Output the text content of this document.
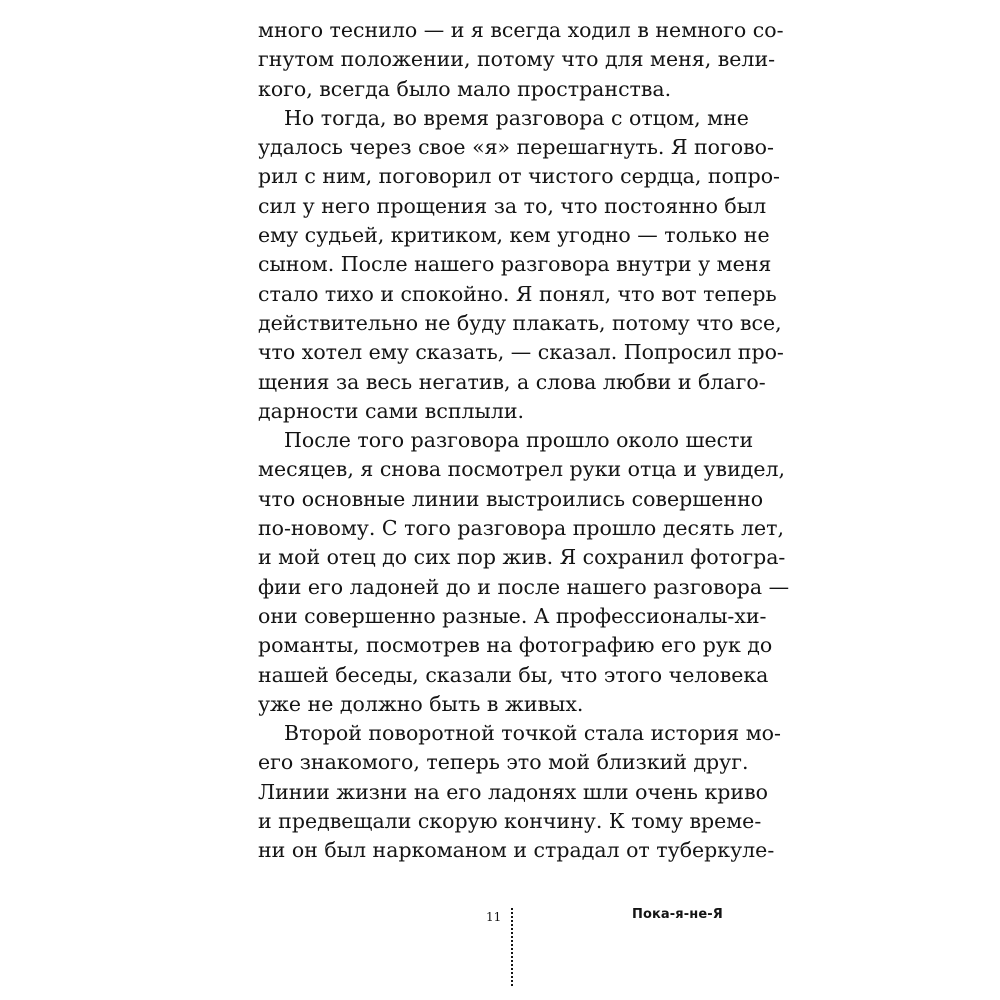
много теснило — и я всегда ходил в немного со-
гнутом положении, потому что для меня, вели-
кого, всегда было мало пространства.
Но тогда, во время разговора с отцом, мне
удалось через свое «я» перешагнуть. Я погово-
рил с ним, поговорил от чистого сердца, попро-
сил у него прощения за то, что постоянно был
ему судьей, критиком, кем угодно — только не
сыном. После нашего разговора внутри у меня
стало тихо и спокойно. Я понял, что вот теперь
действительно не буду плакать, потому что все,
что хотел ему сказать, — сказал. Попросил про-
щения за весь негатив, а слова любви и благо-
дарности сами всплыли.
После того разговора прошло около шести
месяцев, я снова посмотрел руки отца и увидел,
что основные линии выстроились совершенно
по-новому. С того разговора прошло десять лет,
и мой отец до сих пор жив. Я сохранил фотогра-
фии его ладоней до и после нашего разговора —
они совершенно разные. А профессионалы-хи-
романты, посмотрев на фотографию его рук до
нашей беседы, сказали бы, что этого человека
уже не должно быть в живых.
Второй поворотной точкой стала история мо-
его знакомого, теперь это мой близкий друг.
Линии жизни на его ладонях шли очень криво
и предвещали скорую кончину. К тому време-
ни он был наркоманом и страдал от туберкуле-
11	Пока-я-не-Я
